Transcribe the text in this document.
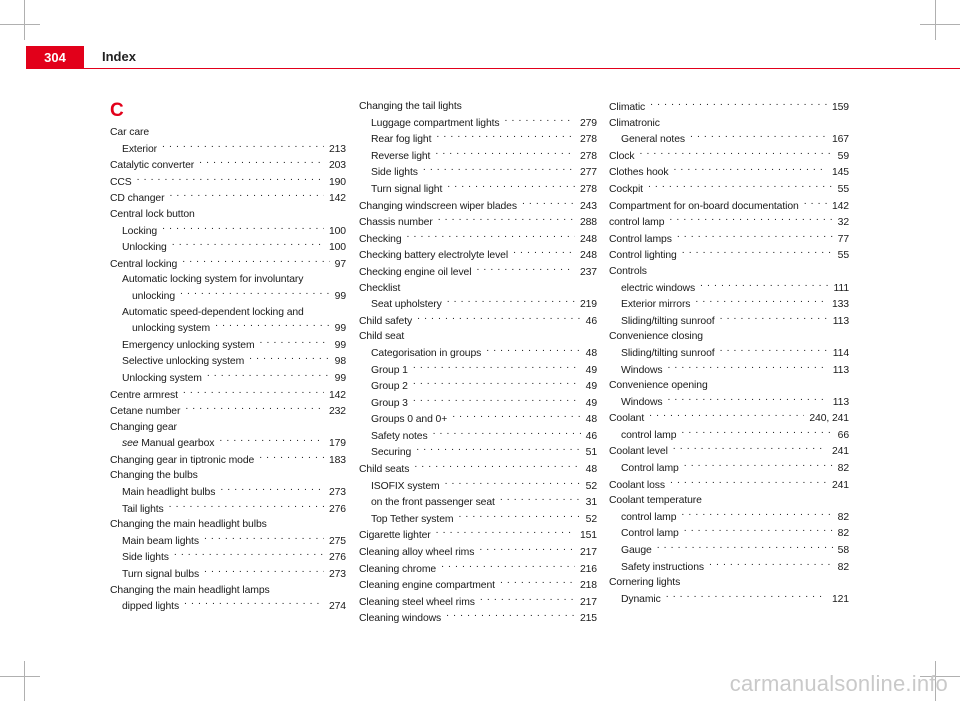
304	Index
C
Car care
Exterior . . .	213
Catalytic converter . . .	203
CCS . . .	190
CD changer . . .	142
Central lock button
Locking . . .	100
Unlocking . . .	100
Central locking . . .	97
Automatic locking system for involuntary
unlocking . . .	99
Automatic speed-dependent locking and
unlocking system . . .	99
Emergency unlocking system . . .	99
Selective unlocking system . . .	98
Unlocking system . . .	99
Centre armrest . . .	142
Cetane number . . .	232
Changing gear
see Manual gearbox . . .	179
Changing gear in tiptronic mode . . .	183
Changing the bulbs
Main headlight bulbs . . .	273
Tail lights . . .	276
Changing the main headlight bulbs
Main beam lights . . .	275
Side lights . . .	276
Turn signal bulbs . . .	273
Changing the main headlight lamps
dipped lights . . .	274
Changing the tail lights
Luggage compartment lights . . .	279
Rear fog light . . .	278
Reverse light . . .	278
Side lights . . .	277
Turn signal light . . .	278
Changing windscreen wiper blades . . .	243
Chassis number . . .	288
Checking . . .	248
Checking battery electrolyte level . . .	248
Checking engine oil level . . .	237
Checklist
Seat upholstery . . .	219
Child safety . . .	46
Child seat
Categorisation in groups . . .	48
Group 1 . . .	49
Group 2 . . .	49
Group 3 . . .	49
Groups 0 and 0+ . . .	48
Safety notes . . .	46
Securing . . .	51
Child seats . . .	48
ISOFIX system . . .	52
on the front passenger seat . . .	31
Top Tether system . . .	52
Cigarette lighter . . .	151
Cleaning alloy wheel rims . . .	217
Cleaning chrome . . .	216
Cleaning engine compartment . . .	218
Cleaning steel wheel rims . . .	217
Cleaning windows . . .	215
Climatic . . .	159
Climatronic
General notes . . .	167
Clock . . .	59
Clothes hook . . .	145
Cockpit . . .	55
Compartment for on-board documentation . . .	142
control lamp . . .	32
Control lamps . . .	77
Control lighting . . .	55
Controls
electric windows . . .	111
Exterior mirrors . . .	133
Sliding/tilting sunroof . . .	113
Convenience closing
Sliding/tilting sunroof . . .	114
Windows . . .	113
Convenience opening
Windows . . .	113
Coolant . . .	240, 241
control lamp . . .	66
Coolant level . . .	241
Control lamp . . .	82
Coolant loss . . .	241
Coolant temperature
control lamp . . .	82
Control lamp . . .	82
Gauge . . .	58
Safety instructions . . .	82
Cornering lights
Dynamic . . .	121
carmanualsonline.info
